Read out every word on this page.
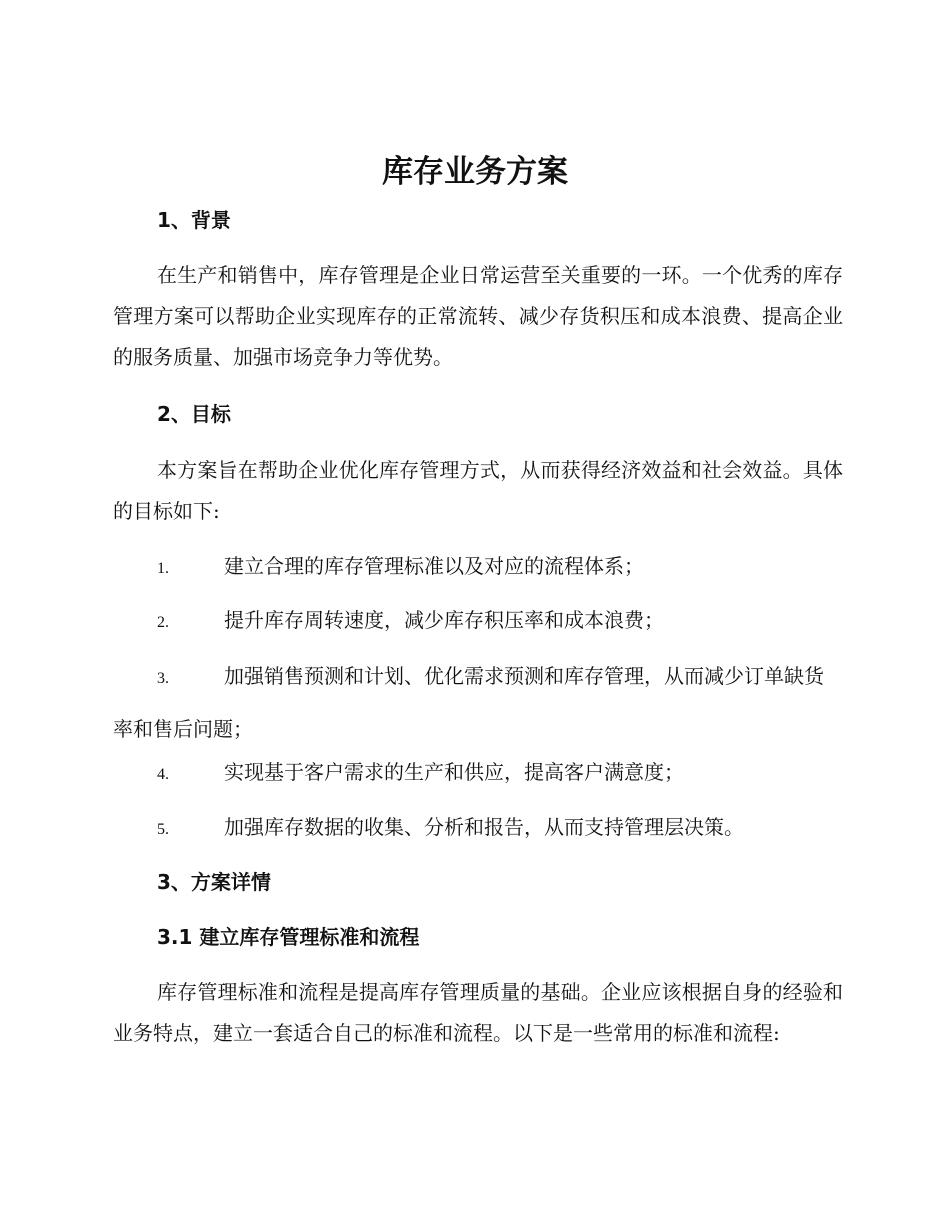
库存业务方案
1、背景

在生产和销售中，库存管理是企业日常运营至关重要的一环。一个优秀的库存管理方案可以帮助企业实现库存的正常流转、减少存货积压和成本浪费、提高企业的服务质量、加强市场竞争力等优势。

2、目标

本方案旨在帮助企业优化库存管理方式，从而获得经济效益和社会效益。具体的目标如下:

1.	建立合理的库存管理标准以及对应的流程体系；

2.	提升库存周转速度，减少库存积压率和成本浪费；

3.	加强销售预测和计划、优化需求预测和库存管理，从而减少订单缺货率和售后问题；

4.	实现基于客户需求的生产和供应，提高客户满意度；

5.	加强库存数据的收集、分析和报告，从而支持管理层决策。

3、方案详情
3.1 建立库存管理标准和流程

库存管理标准和流程是提高库存管理质量的基础。企业应该根据自身的经验和业务特点，建立一套适合自己的标准和流程。以下是一些常用的标准和流程:
